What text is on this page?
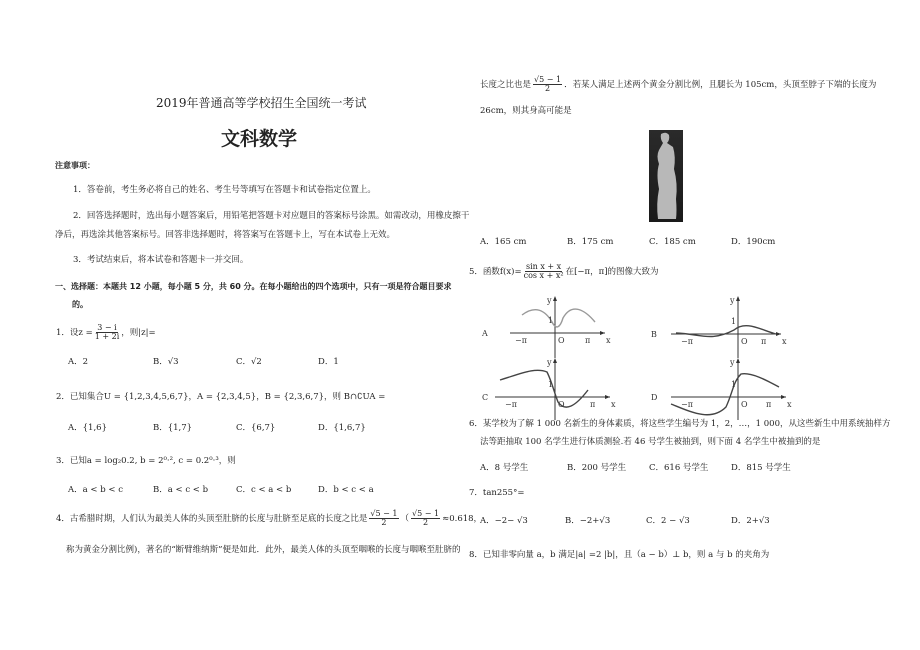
2019年普通高等学校招生全国统一考试
文科数学
注意事项：
1．答卷前，考生务必将自己的姓名、考生号等填写在答题卡和试卷指定位置上。
2．回答选择题时，选出每小题答案后，用铅笔把答题卡对应题目的答案标号涂黑。如需改动，用橡皮擦干
净后，再选涂其他答案标号。回答非选择题时，将答案写在答题卡上，写在本试卷上无效。
3．考试结束后，将本试卷和答题卡一并交回。
一、选择题：本题共 12 小题，每小题 5 分，共 60 分。在每小题给出的四个选项中，只有一项是符合题目要求
的。
1．设$z = \frac{3 - i}{1 + 2i}$ ，则|z|=
A．2	B．√3	C．√2	D．1
2．已知集合U = {1,2,3,4,5,6,7}，A = {2,3,4,5}，B = {2,3,6,7}，则 B∩∁UA =
A．{1,6}	B．{1,7}	C．{6,7}	D．{1,6,7}
3．已知a = log₂0.2, b = 2⁰·², c = 0.2⁰·³，则
A．a < b < c	B．a < c < b	C．c < a < b	D．b < c < a
4．古希腊时期，人们认为最美人体的头顶至肚脐的长度与肚脐至足底的长度之比是 $\frac{√5 - 1}{2}$ （ $\frac{√5 - 1}{2} \approx 0.618$，
称为黄金分割比例)，著名的“断臂维纳斯”便是如此．此外，最美人体的头顶至咽喉的长度与咽喉至肚脐的
长度之比也是 $\frac{√5 - 1}{2}$ ．若某人满足上述两个黄金分割比例，且腿长为 105cm，头顶至脖子下端的长度为
26cm，则其身高可能是
A．165 cm	B．175 cm	C．185 cm	D．190cm
5．函数$f(x)= \frac{\text{sin x + x}}{\text{cos x + x²}}$ 在[−π，π]的图像大致为
A
−π	π
O	x
y
1
B
−π	π
O	x
y
1
C
−π	π
O	x
y
1
D
−π	π
O	x
y
1
6．某学校为了解 1 000 名新生的身体素质，将这些学生编号为 1，2，…，1 000，从这些新生中用系统抽样方
法等距抽取 100 名学生进行体质测验.若 46 号学生被抽到，则下面 4 名学生中被抽到的是
A．8 号学生	B．200 号学生	C．616 号学生	D．815 号学生
7．tan255°=
A．−2− √3	B．−2+√3	C．2 − √3	D．2+√3
8．已知非零向量 a，b 满足|a| =2 |b|，且（a − b）⊥ b，则 a 与 b 的夹角为
